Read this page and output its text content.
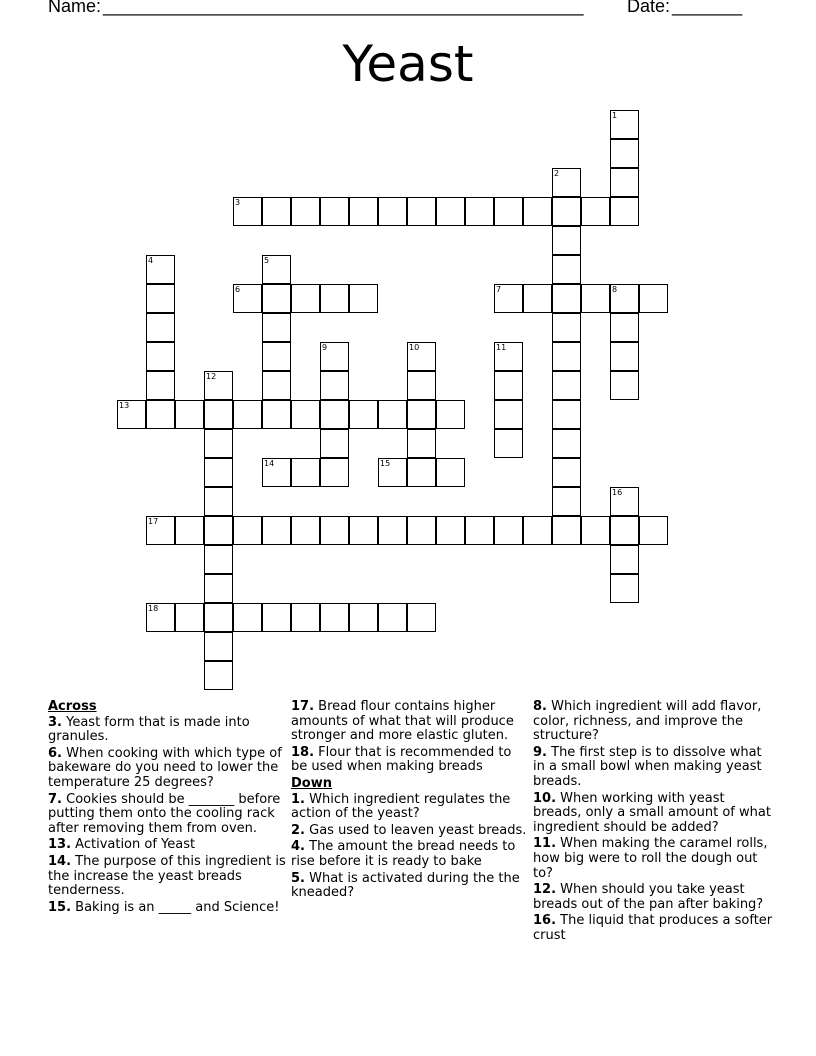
Name: ________________________________________________ Date: _______
Yeast
1
2
3
4	5
6	7	8
9	10	11
12
13
14	15
16
17
18
Across
3. Yeast form that is made into granules.
6. When cooking with which type of bakeware do you need to lower the temperature 25 degrees?
7. Cookies should be _______ before putting them onto the cooling rack after removing them from oven.
13. Activation of Yeast
14. The purpose of this ingredient is the increase the yeast breads tenderness.
15. Baking is an _____ and Science!
17. Bread flour contains higher amounts of what that will produce stronger and more elastic gluten.
18. Flour that is recommended to be used when making breads
Down
1. Which ingredient regulates the action of the yeast?
2. Gas used to leaven yeast breads.
4. The amount the bread needs to rise before it is ready to bake
5. What is activated during the the kneaded?
8. Which ingredient will add flavor, color, richness, and improve the structure?
9. The first step is to dissolve what in a small bowl when making yeast breads.
10. When working with yeast breads, only a small amount of what ingredient should be added?
11. When making the caramel rolls, how big were to roll the dough out to?
12. When should you take yeast breads out of the pan after baking?
16. The liquid that produces a softer crust
